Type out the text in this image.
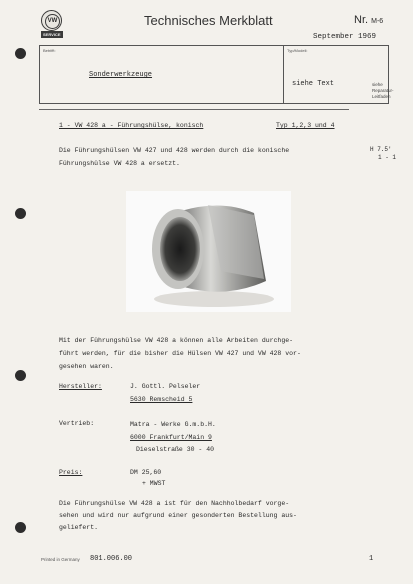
VW
SERVICE
Technisches Merkblatt	Nr. M-6
September 1969
Betrifft:
Sonderwerkzeuge
Typ/Modell:
siehe Text	siehe
Reparatur-
Leitfaden
1 - VW 428 a - Führungshülse, konisch	Typ 1,2,3 und 4
H 7.5'
1 - 1
Die Führungshülsen VW 427 und 428 werden durch die konische
Führungshülse VW 428 a ersetzt.
Mit der Führungshülse VW 428 a können alle Arbeiten durchge-
führt werden, für die bisher die Hülsen VW 427 und VW 428 vor-
gesehen waren.
Hersteller:	J. Gottl. Pelseler
5630 Remscheid 5
Vertrieb:	Matra - Werke G.m.b.H.
6000 Frankfurt/Main 9
Dieselstraße 30 - 40
Preis:	DM 25,60
+ MWST
Die Führungshülse VW 428 a ist für den Nachholbedarf vorge-
sehen und wird nur aufgrund einer gesonderten Bestellung aus-
geliefert.
Printed in Germany 801.006.00	1
